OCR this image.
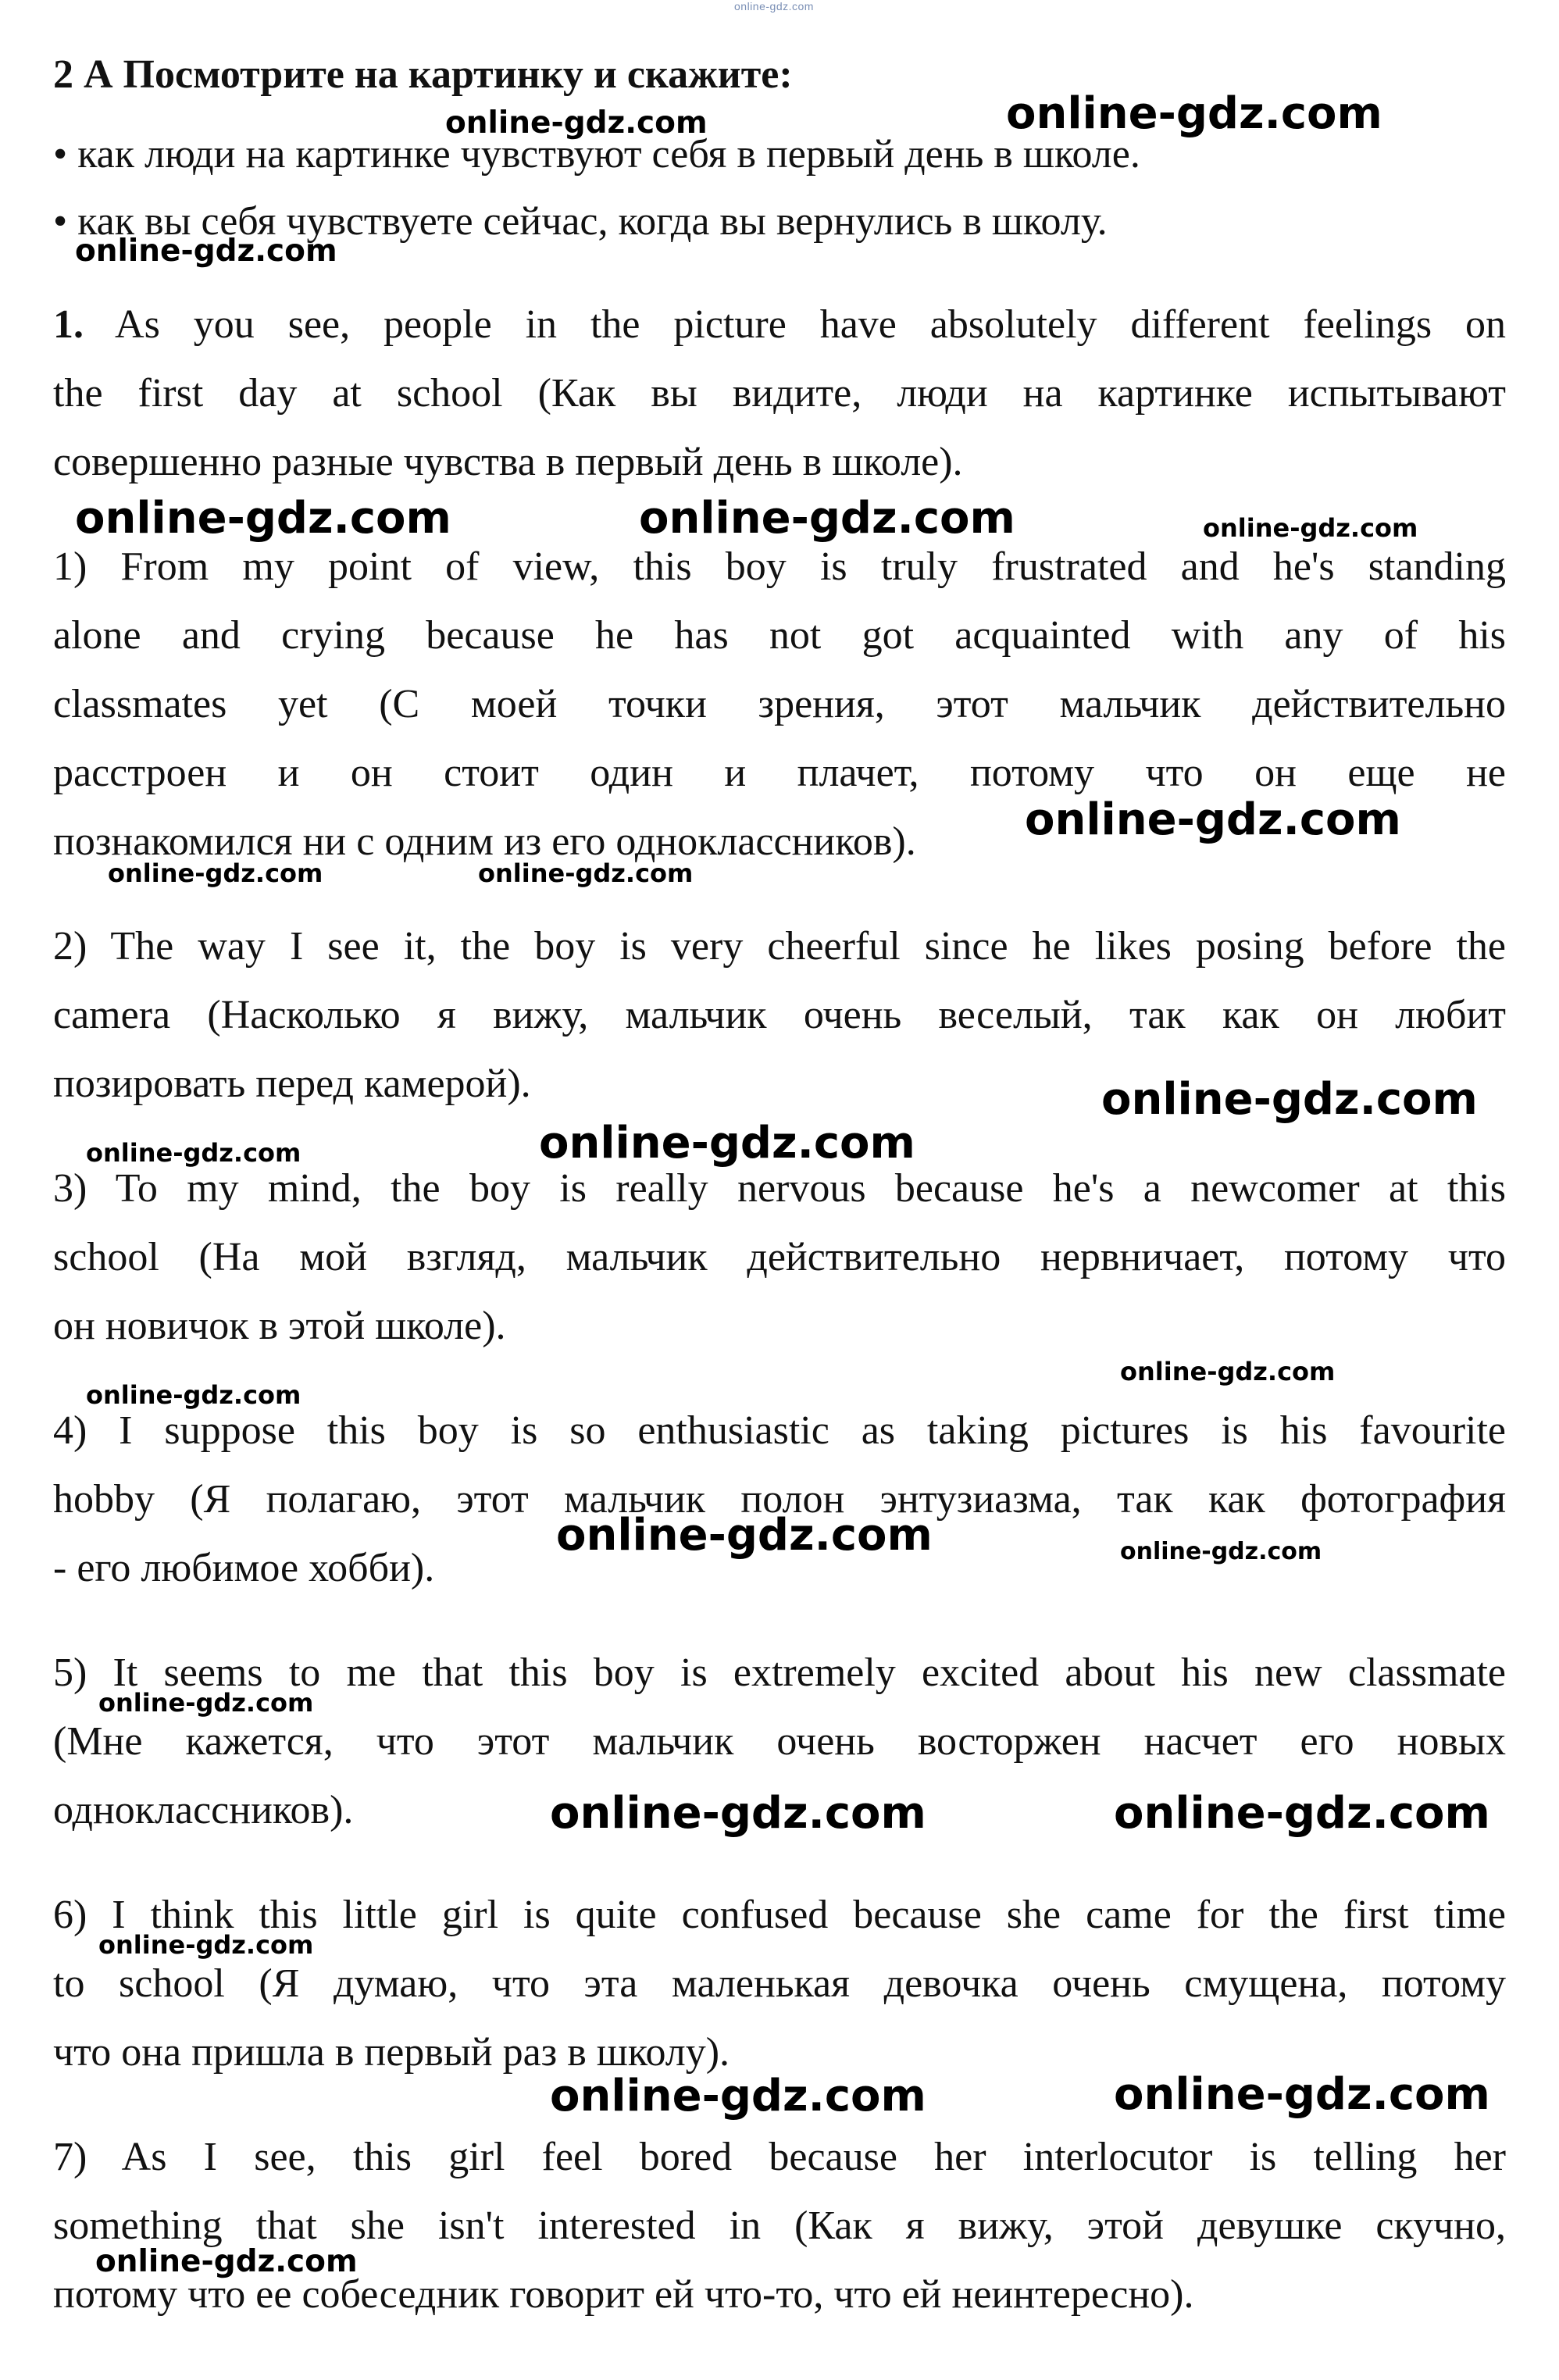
online-gdz.com
2 А Посмотрите на картинку и скажите:
• как люди на картинке чувствуют себя в первый день в школе.
• как вы себя чувствуете сейчас, когда вы вернулись в школу.
1. As you see, people in the picture have absolutely different feelings on
the first day at school (Как вы видите, люди на картинке испытывают
совершенно разные чувства в первый день в школе).
1) From my point of view, this boy is truly frustrated and he's standing
alone and crying because he has not got acquainted with any of his
classmates yet (С моей точки зрения, этот мальчик действительно
расстроен и он стоит один и плачет, потому что он еще не
познакомился ни с одним из его одноклассников).
2) The way I see it, the boy is very cheerful since he likes posing before the
camera (Насколько я вижу, мальчик очень веселый, так как он любит
позировать перед камерой).
3) To my mind, the boy is really nervous because he's a newcomer at this
school (На мой взгляд, мальчик действительно нервничает, потому что
он новичок в этой школе).
4) I suppose this boy is so enthusiastic as taking pictures is his favourite
hobby (Я полагаю, этот мальчик полон энтузиазма, так как фотография
- его любимое хобби).
5) It seems to me that this boy is extremely excited about his new classmate
(Мне кажется, что этот мальчик очень восторжен насчет его новых
одноклассников).
6) I think this little girl is quite confused because she came for the first time
to school (Я думаю, что эта маленькая девочка очень смущена, потому
что она пришла в первый раз в школу).
7) As I see, this girl feel bored because her interlocutor is telling her
something that she isn't interested in (Как я вижу, этой девушке скучно,
потому что ее собеседник говорит ей что-то, что ей неинтересно).
online-gdz.com	online-gdz.com
online-gdz.com
online-gdz.com	online-gdz.com	online-gdz.com
online-gdz.com
online-gdz.com	online-gdz.com
online-gdz.com
online-gdz.com	online-gdz.com
online-gdz.com
online-gdz.com
online-gdz.com	online-gdz.com
online-gdz.com
online-gdz.com	online-gdz.com
online-gdz.com
online-gdz.com	online-gdz.com
online-gdz.com
